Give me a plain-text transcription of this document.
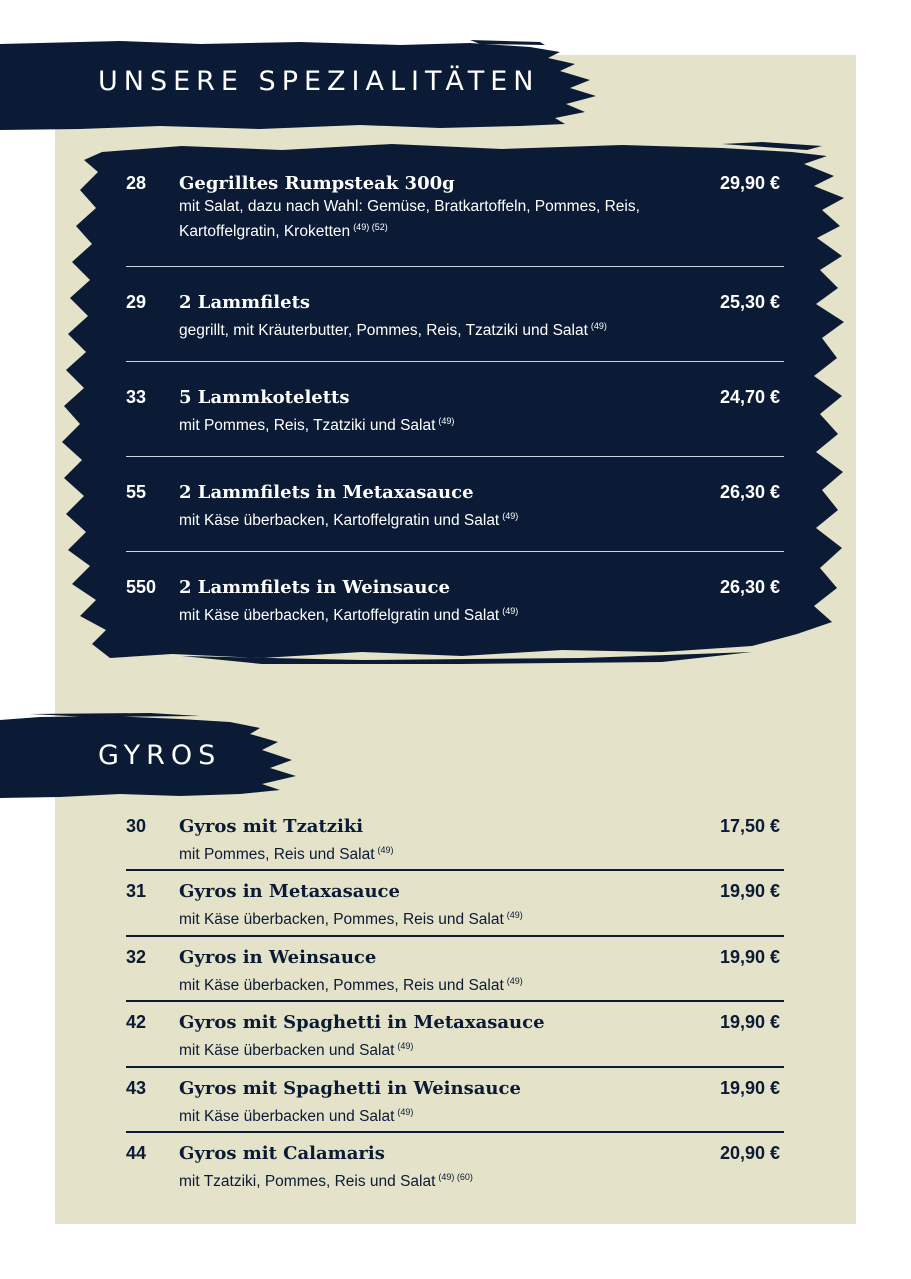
UNSERE SPEZIALITÄTEN
28 Gegrilltes Rumpsteak 300g	29,90 €
mit Salat, dazu nach Wahl: Gemüse, Bratkartoffeln, Pommes, Reis, Kartoffelgratin, Kroketten $^{(49) (52)}$
29 2 Lammfilets	25,30 €
gegrillt, mit Kräuterbutter, Pommes, Reis, Tzatziki und Salat $^{(49)}$
33 5 Lammkoteletts	24,70 €
mit Pommes, Reis, Tzatziki und Salat $^{(49)}$
55 2 Lammfilets in Metaxasauce	26,30 €
mit Käse überbacken, Kartoffelgratin und Salat $^{(49)}$
550 2 Lammfilets in Weinsauce	26,30 €
mit Käse überbacken, Kartoffelgratin und Salat $^{(49)}$
GYROS
30 Gyros mit Tzatziki	17,50 €
mit Pommes, Reis und Salat $^{(49)}$
31 Gyros in Metaxasauce	19,90 €
mit Käse überbacken, Pommes, Reis und Salat $^{(49)}$
32 Gyros in Weinsauce	19,90 €
mit Käse überbacken, Pommes, Reis und Salat $^{(49)}$
42 Gyros mit Spaghetti in Metaxasauce	19,90 €
mit Käse überbacken und Salat $^{(49)}$
43 Gyros mit Spaghetti in Weinsauce	19,90 €
mit Käse überbacken und Salat $^{(49)}$
44 Gyros mit Calamaris	20,90 €
mit Tzatziki, Pommes, Reis und Salat $^{(49) (60)}$
